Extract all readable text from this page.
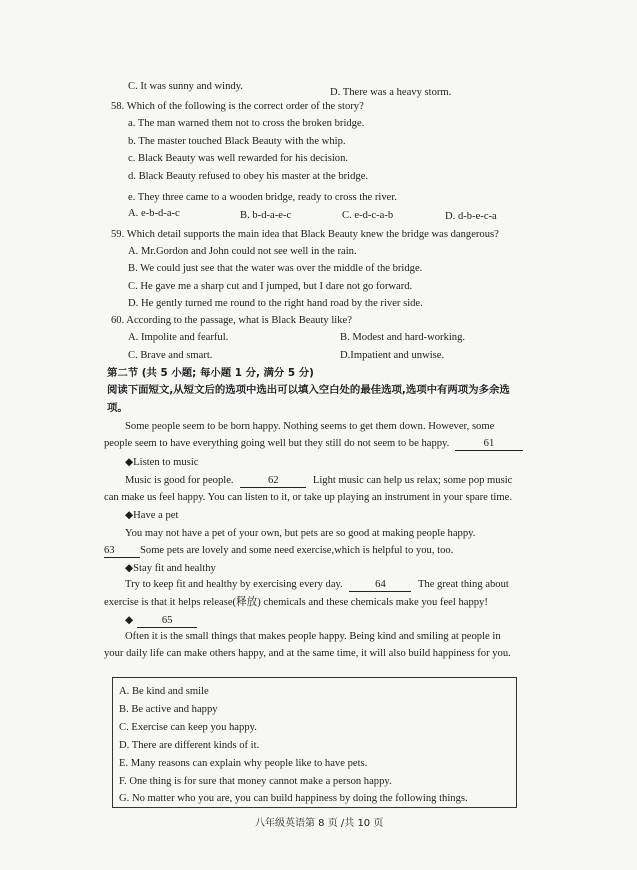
C. It was sunny and windy.
D. There was a heavy storm.
58. Which of the following is the correct order of the story?
a. The man warned them not to cross the broken bridge.
b. The master touched Black Beauty with the whip.
c. Black Beauty was well rewarded for his decision.
d. Black Beauty refused to obey his master at the bridge.
e. They three came to a wooden bridge, ready to cross the river.
A. e-b-d-a-c	B. b-d-a-e-c	C. e-d-c-a-b	D. d-b-e-c-a
59. Which detail supports the main idea that Black Beauty knew the bridge was dangerous?
A. Mr.Gordon and John could not see well in the rain.
B. We could just see that the water was over the middle of the bridge.
C. He gave me a sharp cut and I jumped, but I dare not go forward.
D. He gently turned me round to the right hand road by the river side.
60. According to the passage, what is Black Beauty like?
A. Impolite and fearful.	B. Modest and hard-working.
C. Brave and smart.	D.Impatient and unwise.
第二节 (共 5 小题; 每小题 1 分, 满分 5 分)
阅读下面短文,从短文后的选项中选出可以填入空白处的最佳选项,选项中有两项为多余选
项。
Some people seem to be born happy. Nothing seems to get them down. However, some
people seem to have everything going well but they still do not seem to be happy.	61
◆Listen to music
Music is good for people.	62	Light music can help us relax; some pop music
can make us feel happy. You can listen to it, or take up playing an instrument in your spare time.
◆Have a pet
You may not have a pet of your own, but pets are so good at making people happy.
63 Some pets are lovely and some need exercise,which is helpful to you, too.
◆Stay fit and healthy
Try to keep fit and healthy by exercising every day.	64	The great thing about
exercise is that it helps release(释放) chemicals and these chemicals make you feel happy!
◆	65
Often it is the small things that makes people happy. Being kind and smiling at people in
your daily life can make others happy, and at the same time, it will also build happiness for you.
A. Be kind and smile
B. Be active and happy
C. Exercise can keep you happy.
D. There are different kinds of it.
E. Many reasons can explain why people like to have pets.
F. One thing is for sure that money cannot make a person happy.
G. No matter who you are, you can build happiness by doing the following things.
八年级英语第 8 页 /共 10 页
